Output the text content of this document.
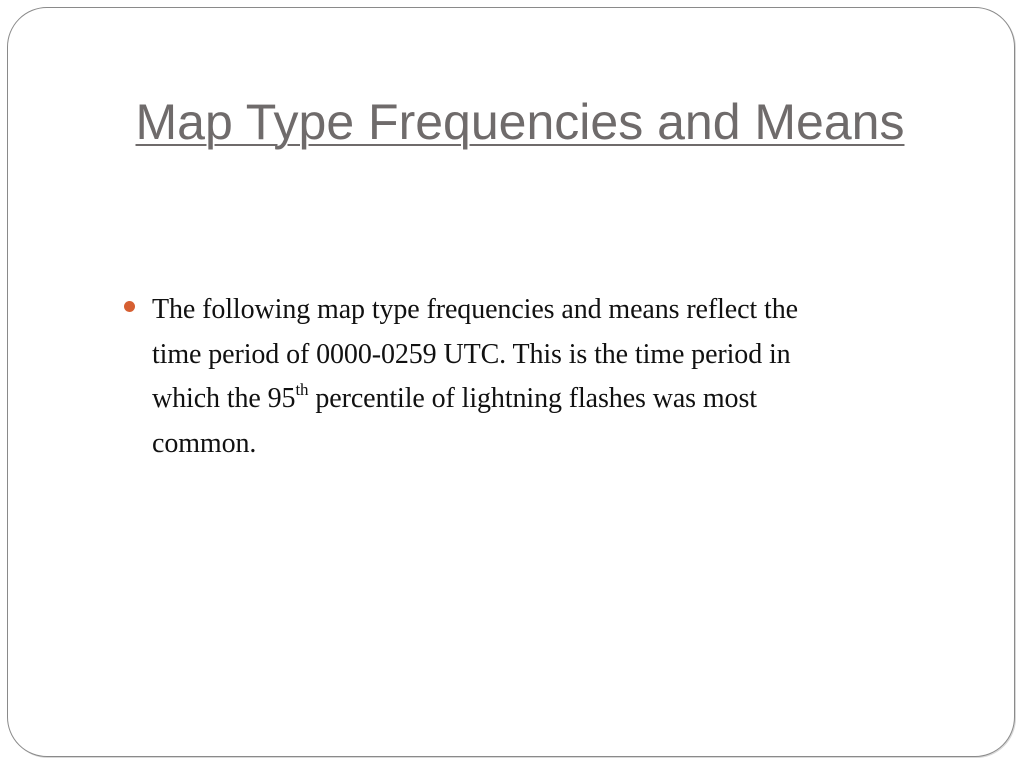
Map Type Frequencies and Means
The following map type frequencies and means reflect the
time period of 0000-0259 UTC. This is the time period in
which the 95th percentile of lightning flashes was most
common.
